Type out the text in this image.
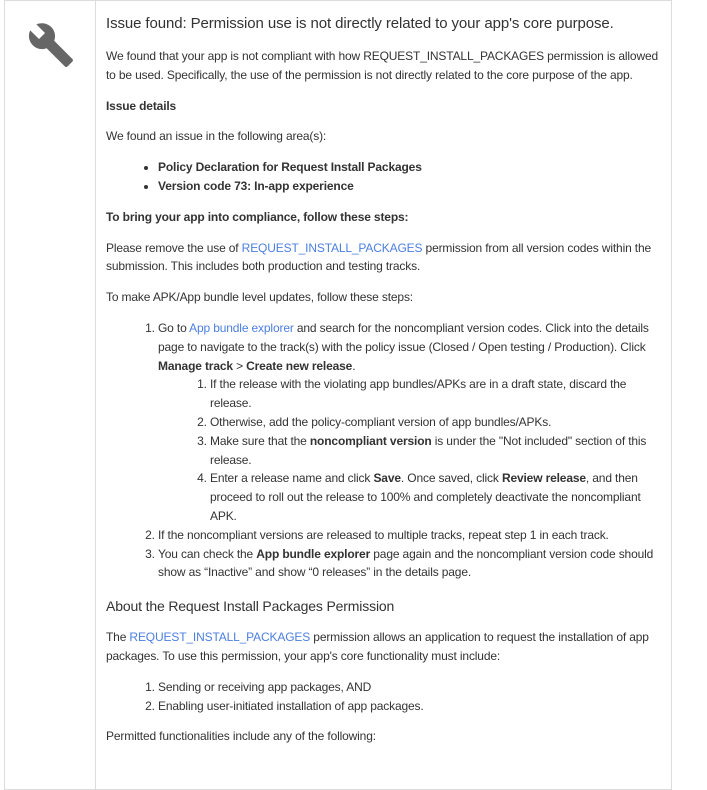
Issue found: Permission use is not directly related to your app's core purpose.

We found that your app is not compliant with how REQUEST_INSTALL_PACKAGES permission is allowed to be used. Specifically, the use of the permission is not directly related to the core purpose of the app.

Issue details

We found an issue in the following area(s):

• Policy Declaration for Request Install Packages
• Version code 73: In-app experience

To bring your app into compliance, follow these steps:

Please remove the use of REQUEST_INSTALL_PACKAGES permission from all version codes within the submission. This includes both production and testing tracks.

To make APK/App bundle level updates, follow these steps:

1. Go to App bundle explorer and search for the noncompliant version codes. Click into the details page to navigate to the track(s) with the policy issue (Closed / Open testing / Production). Click Manage track > Create new release.
1. If the release with the violating app bundles/APKs are in a draft state, discard the release.
2. Otherwise, add the policy-compliant version of app bundles/APKs.
3. Make sure that the noncompliant version is under the "Not included" section of this release.
4. Enter a release name and click Save. Once saved, click Review release, and then proceed to roll out the release to 100% and completely deactivate the noncompliant APK.
2. If the noncompliant versions are released to multiple tracks, repeat step 1 in each track.
3. You can check the App bundle explorer page again and the noncompliant version code should show as “Inactive” and show “0 releases” in the details page.
About the Request Install Packages Permission

The REQUEST_INSTALL_PACKAGES permission allows an application to request the installation of app packages. To use this permission, your app's core functionality must include:

1. Sending or receiving app packages, AND
2. Enabling user-initiated installation of app packages.

Permitted functionalities include any of the following:
